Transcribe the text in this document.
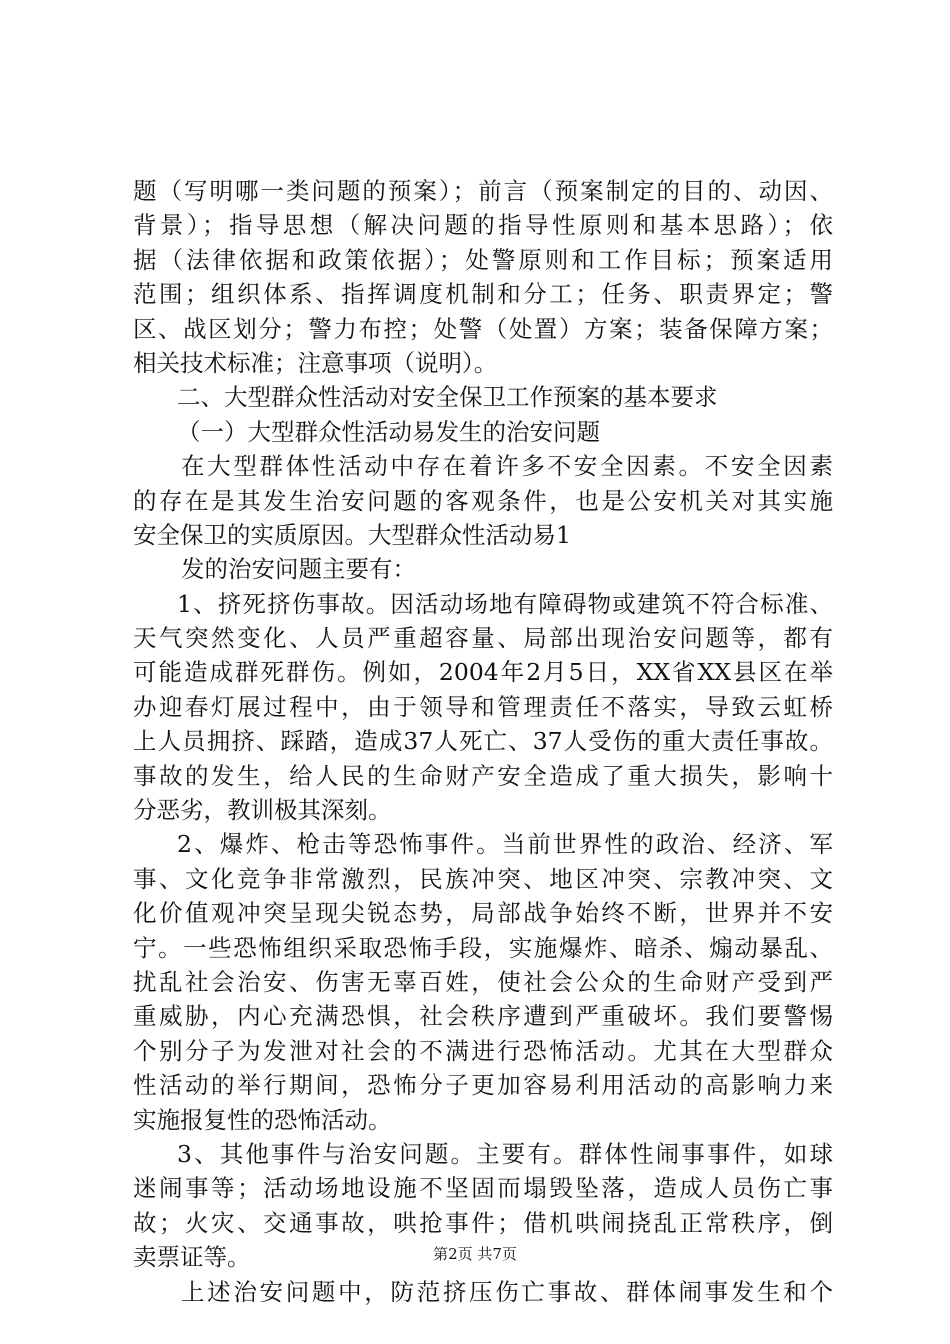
题（写明哪一类问题的预案）；前言（预案制定的目的、动因、
背景）；指导思想（解决问题的指导性原则和基本思路）；依
据（法律依据和政策依据）；处警原则和工作目标；预案适用
范围；组织体系、指挥调度机制和分工；任务、职责界定；警
区、战区划分；警力布控；处警（处置）方案；装备保障方案；
相关技术标准；注意事项（说明）。
二、大型群众性活动对安全保卫工作预案的基本要求
（一）大型群众性活动易发生的治安问题
在大型群体性活动中存在着许多不安全因素。不安全因素
的存在是其发生治安问题的客观条件，也是公安机关对其实施
安全保卫的实质原因。大型群众性活动易1
发的治安问题主要有：
1、挤死挤伤事故。因活动场地有障碍物或建筑不符合标准、
天气突然变化、人员严重超容量、局部出现治安问题等，都有
可能造成群死群伤。例如，2004年2月5日，XX省XX县区在举
办迎春灯展过程中，由于领导和管理责任不落实，导致云虹桥
上人员拥挤、踩踏，造成37人死亡、37人受伤的重大责任事故。
事故的发生，给人民的生命财产安全造成了重大损失，影响十
分恶劣，教训极其深刻。
2、爆炸、枪击等恐怖事件。当前世界性的政治、经济、军
事、文化竞争非常激烈，民族冲突、地区冲突、宗教冲突、文
化价值观冲突呈现尖锐态势，局部战争始终不断，世界并不安
宁。一些恐怖组织采取恐怖手段，实施爆炸、暗杀、煽动暴乱、
扰乱社会治安、伤害无辜百姓，使社会公众的生命财产受到严
重威胁，内心充满恐惧，社会秩序遭到严重破坏。我们要警惕
个别分子为发泄对社会的不满进行恐怖活动。尤其在大型群众
性活动的举行期间，恐怖分子更加容易利用活动的高影响力来
实施报复性的恐怖活动。
3、其他事件与治安问题。主要有。群体性闹事事件，如球
迷闹事等；活动场地设施不坚固而塌毁坠落，造成人员伤亡事
故；火灾、交通事故，哄抢事件；借机哄闹挠乱正常秩序，倒
卖票证等。
上述治安问题中，防范挤压伤亡事故、群体闹事发生和个
第2页 共7页
